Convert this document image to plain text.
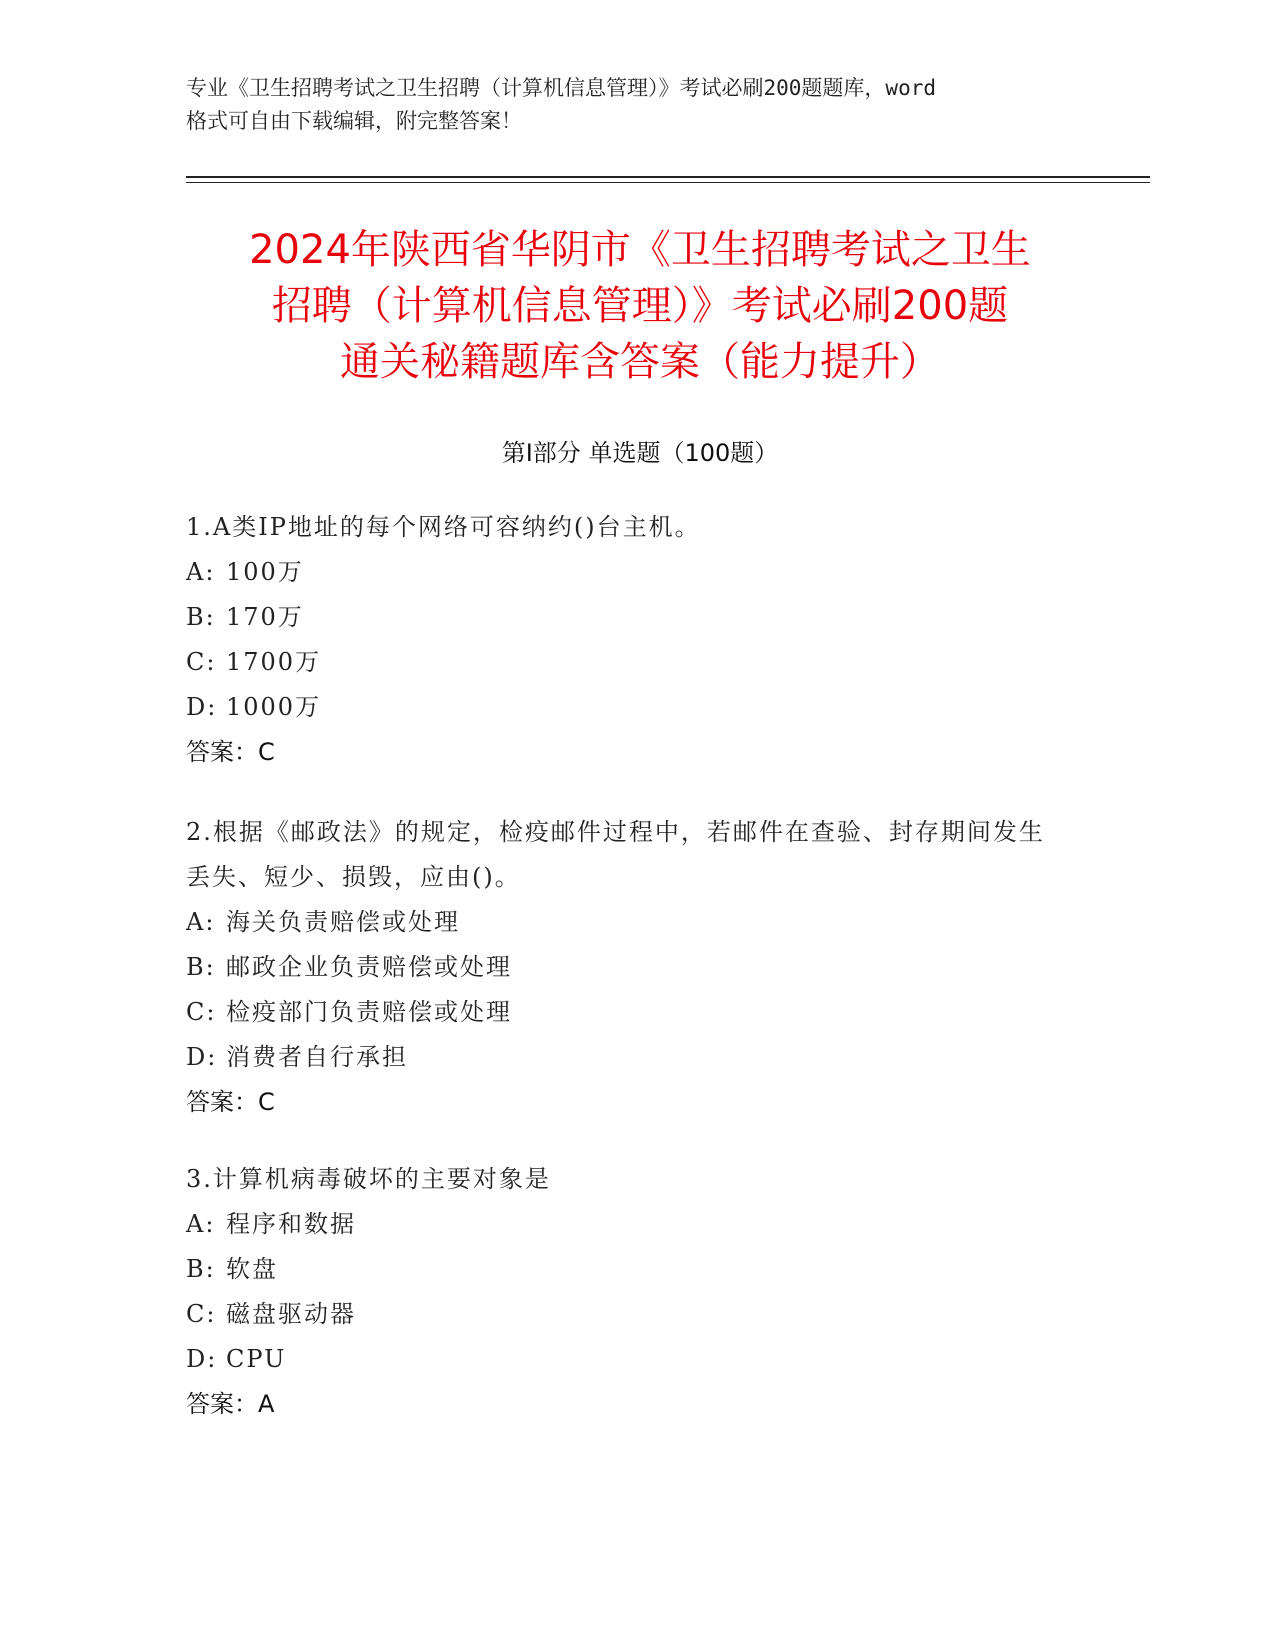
专业《卫生招聘考试之卫生招聘（计算机信息管理）》考试必刷200题题库，word
格式可自由下载编辑，附完整答案！
2024年陕西省华阴市《卫生招聘考试之卫生
招聘（计算机信息管理）》考试必刷200题
通关秘籍题库含答案（能力提升）
第Ⅰ部分 单选题（100题）
1.A类IP地址的每个网络可容纳约()台主机。
A: 100万
B: 170万
C: 1700万
D: 1000万
答案：C
2.根据《邮政法》的规定，检疫邮件过程中，若邮件在查验、封存期间发生丢失、短少、损毁，应由()。
A: 海关负责赔偿或处理
B: 邮政企业负责赔偿或处理
C: 检疫部门负责赔偿或处理
D: 消费者自行承担
答案：C
3.计算机病毒破坏的主要对象是
A: 程序和数据
B: 软盘
C: 磁盘驱动器
D: CPU
答案：A
